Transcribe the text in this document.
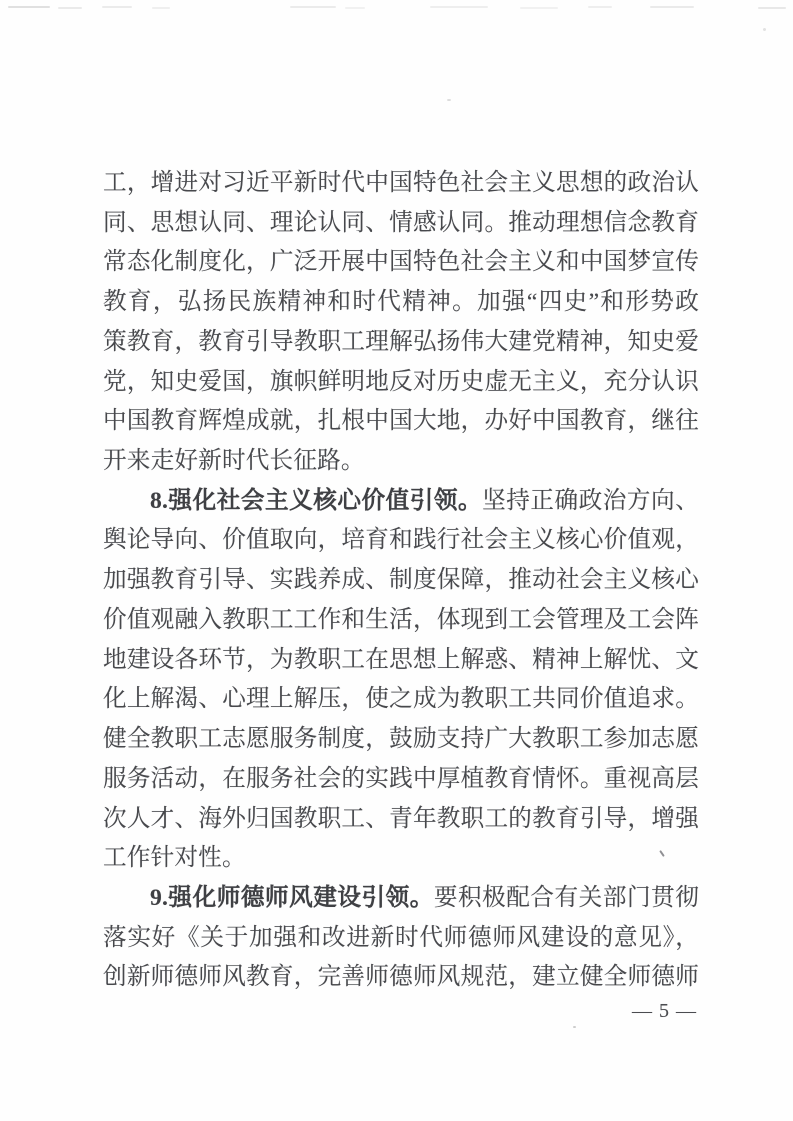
工，增进对习近平新时代中国特色社会主义思想的政治认
同、思想认同、理论认同、情感认同。推动理想信念教育
常态化制度化，广泛开展中国特色社会主义和中国梦宣传
教育，弘扬民族精神和时代精神。加强“四史”和形势政
策教育，教育引导教职工理解弘扬伟大建党精神，知史爱
党，知史爱国，旗帜鲜明地反对历史虚无主义，充分认识
中国教育辉煌成就，扎根中国大地，办好中国教育，继往
开来走好新时代长征路。
8.强化社会主义核心价值引领。坚持正确政治方向、
舆论导向、价值取向，培育和践行社会主义核心价值观，
加强教育引导、实践养成、制度保障，推动社会主义核心
价值观融入教职工工作和生活，体现到工会管理及工会阵
地建设各环节，为教职工在思想上解惑、精神上解忧、文
化上解渴、心理上解压，使之成为教职工共同价值追求。
健全教职工志愿服务制度，鼓励支持广大教职工参加志愿
服务活动，在服务社会的实践中厚植教育情怀。重视高层
次人才、海外归国教职工、青年教职工的教育引导，增强
工作针对性。
9.强化师德师风建设引领。要积极配合有关部门贯彻
落实好《关于加强和改进新时代师德师风建设的意见》，
创新师德师风教育，完善师德师风规范，建立健全师德师
— 5 —
